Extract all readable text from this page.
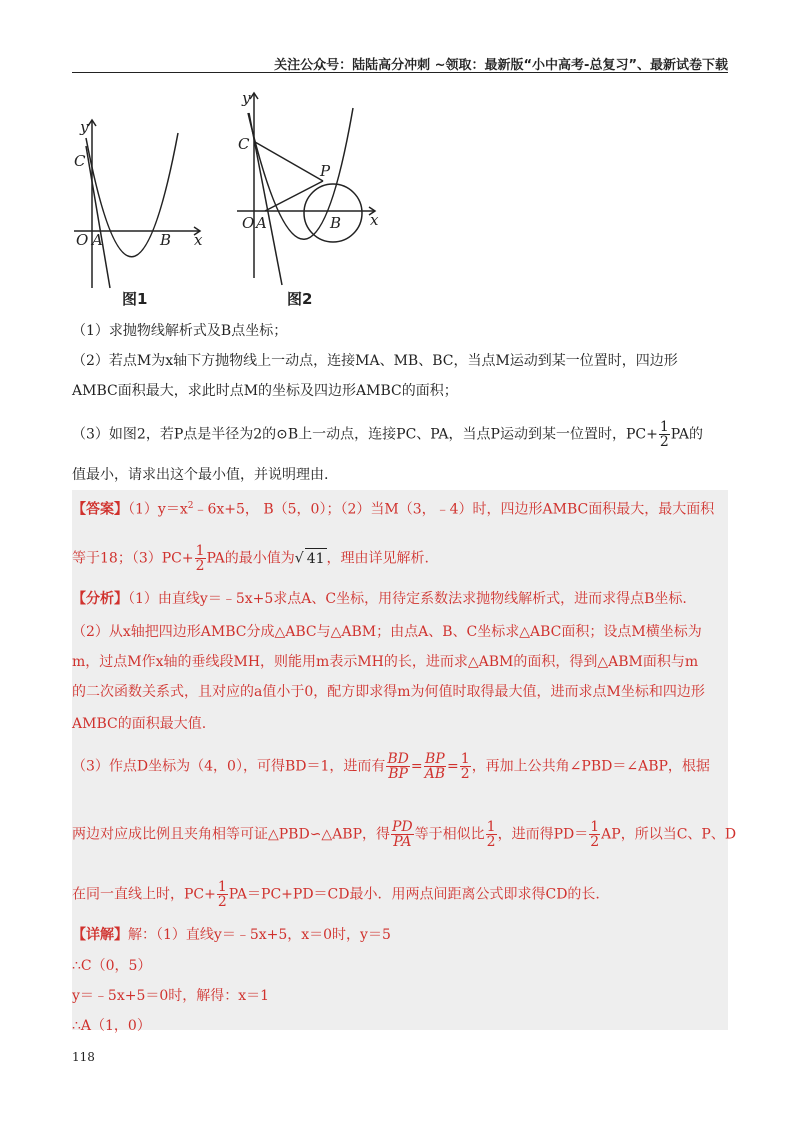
关注公众号：陆陆高分冲刺 ~领取：最新版“小中高考-总复习”、最新试卷下载
y
x
C
O A	B
y
x
C
O A	B
P
图1	图2
（1）求抛物线解析式及B点坐标；
（2）若点M为x轴下方抛物线上一动点，连接MA、MB、BC，当点M运动到某一位置时，四边形
AMBC面积最大，求此时点M的坐标及四边形AMBC的面积；
（3）如图2，若P点是半径为2的⊙B上一动点，连接PC、PA，当点P运动到某一位置时，$PC+ \frac{1}{2}$ PA的
值最小，请求出这个最小值，并说明理由.
【答案】$(1)y=x^2﹣6x+5$， B（5，0）；（2）当M（3，﹣4）时，四边形AMBC面积最大，最大面积
等于18；$(3)PC+ \frac{1}{2}$ PA的最小值为√ 41 ，理由详见解析.
【分析】（1）由直线y＝﹣5x+5求点A、C坐标，用待定系数法求抛物线解析式，进而求得点B坐标.
（2）从x轴把四边形AMBC分成△ABC与△ABM；由点A、B、C坐标求△ABC面积；设点M横坐标为
m，过点M作x轴的垂线段MH，则能用m表示MH的长，进而求△ABM的面积，得到△ABM面积与m
的二次函数关系式，且对应的a值小于0，配方即求得m为何值时取得最大值，进而求点M坐标和四边形
AMBC的面积最大值.
（3）作点D坐标为（4，0），可得BD＝1，进而有 $\frac{BD}{BP} = \frac{BP}{AB} = \frac{1}{2}$ ，再加上公共角∠PBD＝∠ABP，根据
两边对应成比例且夹角相等可证△PBD∽△ABP，得 $\frac{PD}{PA}$ 等于相似比 $\frac{1}{2}$ ，进而得$PD= \frac{1}{2}$ AP，所以当C、P、D
在同一直线上时，$PC+ \frac{1}{2} PA=PC+PD=CD$最小．用两点间距离公式即求得CD的长.
【详解】解：（1）直线y＝﹣5x+5，x＝0时，y＝5
∴C（0，5）
y＝﹣5x+5＝0时，解得：x＝1
∴A（1，0）
118
